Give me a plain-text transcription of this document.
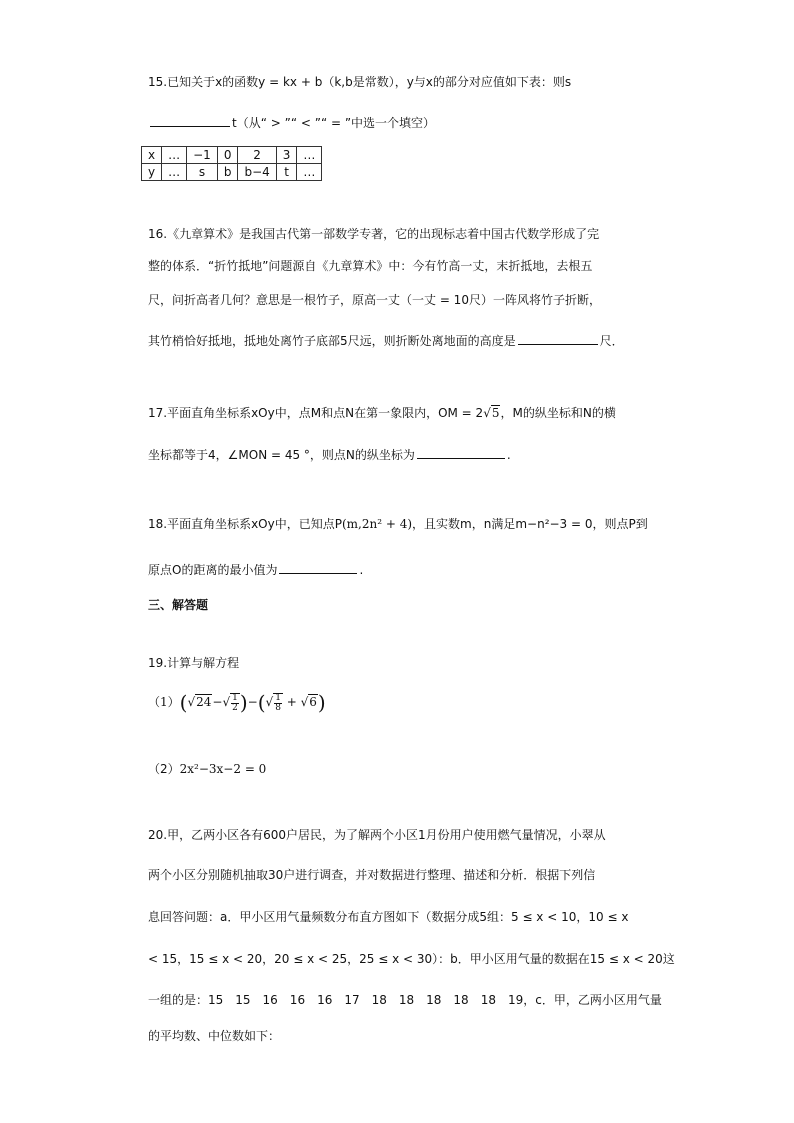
15.已知关于x的函数y = kx + b（k,b是常数），y与x的部分对应值如下表：则s
t（从“ > ”“ < ”“ = ”中选一个填空）
x	…	−1	0	2	3	…
y	…	s	b	b−4	t	…
16.《九章算术》是我国古代第一部数学专著，它的出现标志着中国古代数学形成了完
整的体系．“折竹抵地”问题源自《九章算术》中：今有竹高一丈，末折抵地，去根五
尺，问折高者几何？意思是一根竹子，原高一丈（一丈 = 10尺）一阵风将竹子折断，
其竹梢恰好抵地，抵地处离竹子底部5尺远，则折断处离地面的高度是	尺．
17.平面直角坐标系xOy中，点M和点N在第一象限内，OM = 2√5，M的纵坐标和N的横
坐标都等于4，∠MON = 45 °，则点N的纵坐标为	.
18.平面直角坐标系xOy中，已知点P(m,2n² + 4)，且实数m，n满足m−n²−3 = 0，则点P到
原点O的距离的最小值为	.
三、解答题
19.计算与解方程
$(1)(√24-√ \frac{1}{2}$ )−(√ $\frac{1}{8} + √6$)
（2）2x²−3x−2 = 0
20.甲，乙两小区各有600户居民，为了解两个小区1月份用户使用燃气量情况，小翠从
两个小区分别随机抽取30户进行调查，并对数据进行整理、描述和分析．根据下列信
息回答问题：a．甲小区用气量频数分布直方图如下（数据分成5组：5 ≤ x < 10，10 ≤ x
< 15，15 ≤ x < 20，20 ≤ x < 25，25 ≤ x < 30）：b．甲小区用气量的数据在15 ≤ x < 20这
一组的是：15　15　16　16　16　17　18　18　18　18　18　19，c．甲，乙两小区用气量
的平均数、中位数如下：
